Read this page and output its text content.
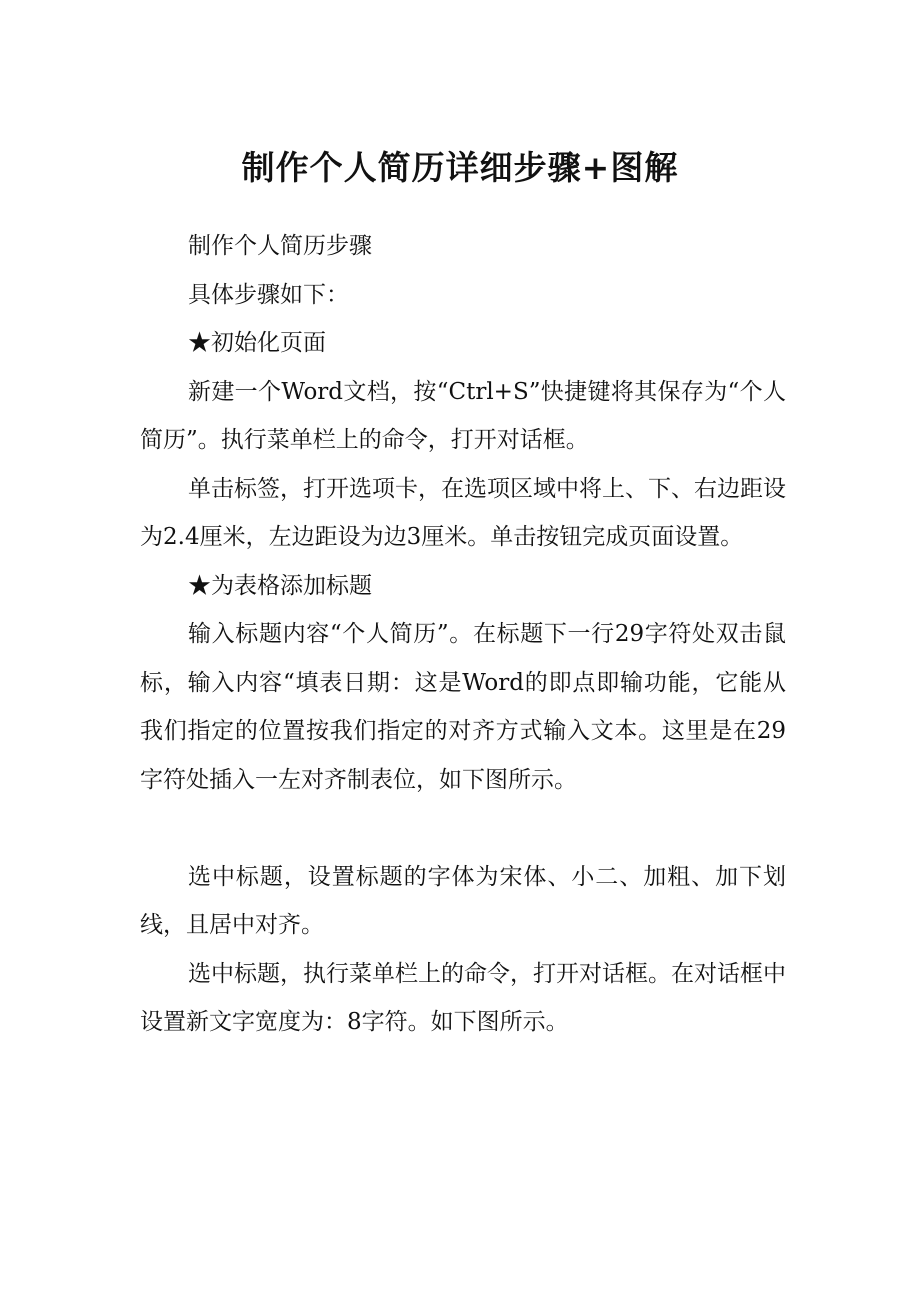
制作个人简历详细步骤+图解

制作个人简历步骤

具体步骤如下：

★初始化页面

新建一个Word文档，按“Ctrl+S”快捷键将其保存为“个人简历”。执行菜单栏上的命令，打开对话框。

单击标签，打开选项卡，在选项区域中将上、下、右边距设为2.4厘米，左边距设为边3厘米。单击按钮完成页面设置。

★为表格添加标题

输入标题内容“个人简历”。在标题下一行29字符处双击鼠标，输入内容“填表日期：这是Word的即点即输功能，它能从我们指定的位置按我们指定的对齐方式输入文本。这里是在29字符处插入一左对齐制表位，如下图所示。

选中标题，设置标题的字体为宋体、小二、加粗、加下划线，且居中对齐。

选中标题，执行菜单栏上的命令，打开对话框。在对话框中设置新文字宽度为：8字符。如下图所示。
